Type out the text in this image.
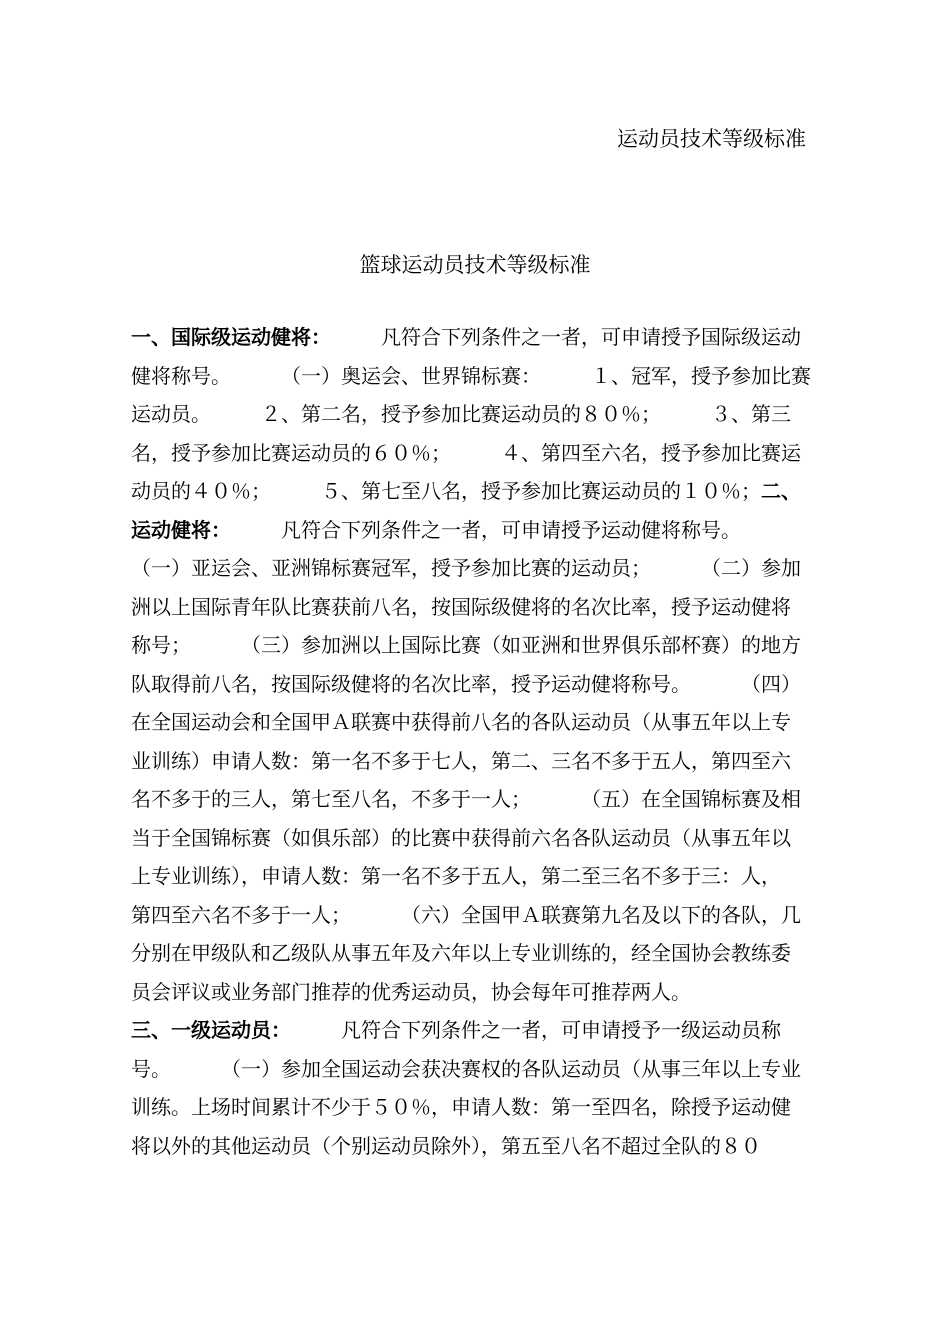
运动员技术等级标准
篮球运动员技术等级标准
一、国际级运动健将：	凡符合下列条件之一者，可申请授予国际级运动
健将称号。	（一）奥运会、世界锦标赛：	１、冠军，授予参加比赛
运动员。	２、第二名，授予参加比赛运动员的８０％；	３、第三
名，授予参加比赛运动员的６０％；	４、第四至六名，授予参加比赛运
动员的４０％；	５、第七至八名，授予参加比赛运动员的１０％；二、
运动健将：	凡符合下列条件之一者，可申请授予运动健将称号。
（一）亚运会、亚洲锦标赛冠军，授予参加比赛的运动员；	（二）参加
洲以上国际青年队比赛获前八名，按国际级健将的名次比率，授予运动健将
称号；	（三）参加洲以上国际比赛（如亚洲和世界俱乐部杯赛）的地方
队取得前八名，按国际级健将的名次比率，授予运动健将称号。	（四）
在全国运动会和全国甲Ａ联赛中获得前八名的各队运动员（从事五年以上专
业训练）申请人数：第一名不多于七人，第二、三名不多于五人，第四至六
名不多于的三人，第七至八名，不多于一人；	（五）在全国锦标赛及相
当于全国锦标赛（如俱乐部）的比赛中获得前六名各队运动员（从事五年以
上专业训练），申请人数：第一名不多于五人，第二至三名不多于三：人，
第四至六名不多于一人；	（六）全国甲Ａ联赛第九名及以下的各队，几
分别在甲级队和乙级队从事五年及六年以上专业训练的，经全国协会教练委
员会评议或业务部门推荐的优秀运动员，协会每年可推荐两人。
三、一级运动员：	凡符合下列条件之一者，可申请授予一级运动员称
号。	（一）参加全国运动会获决赛权的各队运动员（从事三年以上专业
训练。上场时间累计不少于５０％，申请人数：第一至四名，除授予运动健
将以外的其他运动员（个别运动员除外），第五至八名不超过全队的８０
